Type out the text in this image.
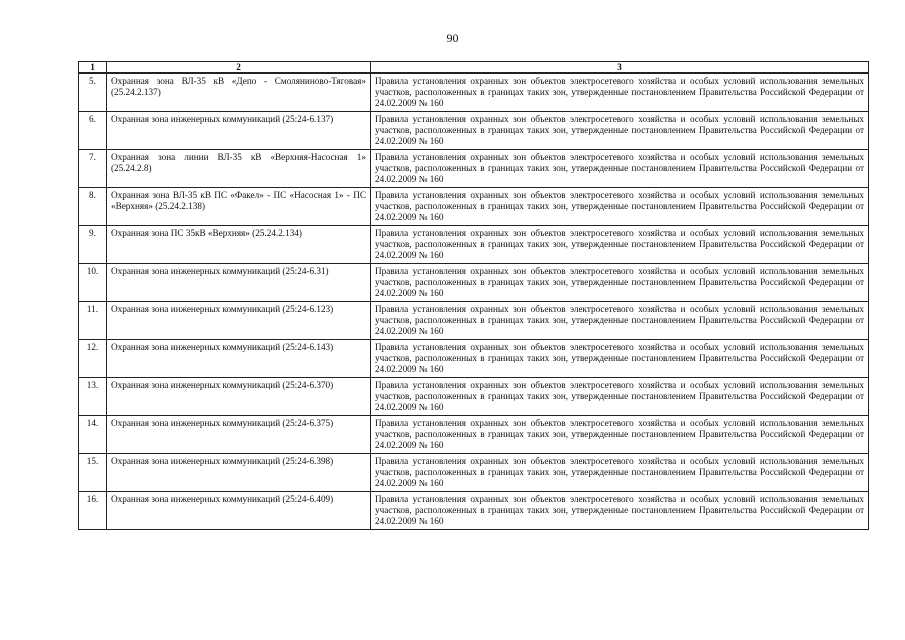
90
1	2	3
5.	Охранная зона ВЛ-35 кВ «Депо - Смоляниново-Тяговая» (25.24.2.137)	Правила установления охранных зон объектов электросетевого хозяйства и особых условий использования земельных участков, расположенных в границах таких зон, утвержденные постановлением Правительства Российской Федерации от 24.02.2009 № 160
6.	Охранная зона инженерных коммуникаций (25:24-6.137)	Правила установления охранных зон объектов электросетевого хозяйства и особых условий использования земельных участков, расположенных в границах таких зон, утвержденные постановлением Правительства Российской Федерации от 24.02.2009 № 160
7.	Охранная зона линии ВЛ-35 кВ «Верхняя-Насосная 1» (25.24.2.8)	Правила установления охранных зон объектов электросетевого хозяйства и особых условий использования земельных участков, расположенных в границах таких зон, утвержденные постановлением Правительства Российской Федерации от 24.02.2009 № 160
8.	Охранная зона ВЛ-35 кВ ПС «Факел» - ПС «Насосная 1» - ПС «Верхняя» (25.24.2.138)	Правила установления охранных зон объектов электросетевого хозяйства и особых условий использования земельных участков, расположенных в границах таких зон, утвержденные постановлением Правительства Российской Федерации от 24.02.2009 № 160
9.	Охранная зона ПС 35кВ «Верхняя» (25.24.2.134)	Правила установления охранных зон объектов электросетевого хозяйства и особых условий использования земельных участков, расположенных в границах таких зон, утвержденные постановлением Правительства Российской Федерации от 24.02.2009 № 160
10.	Охранная зона инженерных коммуникаций (25:24-6.31)	Правила установления охранных зон объектов электросетевого хозяйства и особых условий использования земельных участков, расположенных в границах таких зон, утвержденные постановлением Правительства Российской Федерации от 24.02.2009 № 160
11.	Охранная зона инженерных коммуникаций (25:24-6.123)	Правила установления охранных зон объектов электросетевого хозяйства и особых условий использования земельных участков, расположенных в границах таких зон, утвержденные постановлением Правительства Российской Федерации от 24.02.2009 № 160
12.	Охранная зона инженерных коммуникаций (25:24-6.143)	Правила установления охранных зон объектов электросетевого хозяйства и особых условий использования земельных участков, расположенных в границах таких зон, утвержденные постановлением Правительства Российской Федерации от 24.02.2009 № 160
13.	Охранная зона инженерных коммуникаций (25:24-6.370)	Правила установления охранных зон объектов электросетевого хозяйства и особых условий использования земельных участков, расположенных в границах таких зон, утвержденные постановлением Правительства Российской Федерации от 24.02.2009 № 160
14.	Охранная зона инженерных коммуникаций (25:24-6.375)	Правила установления охранных зон объектов электросетевого хозяйства и особых условий использования земельных участков, расположенных в границах таких зон, утвержденные постановлением Правительства Российской Федерации от 24.02.2009 № 160
15.	Охранная зона инженерных коммуникаций (25:24-6.398)	Правила установления охранных зон объектов электросетевого хозяйства и особых условий использования земельных участков, расположенных в границах таких зон, утвержденные постановлением Правительства Российской Федерации от 24.02.2009 № 160
16.	Охранная зона инженерных коммуникаций (25:24-6.409)	Правила установления охранных зон объектов электросетевого хозяйства и особых условий использования земельных участков, расположенных в границах таких зон, утвержденные постановлением Правительства Российской Федерации от 24.02.2009 № 160
